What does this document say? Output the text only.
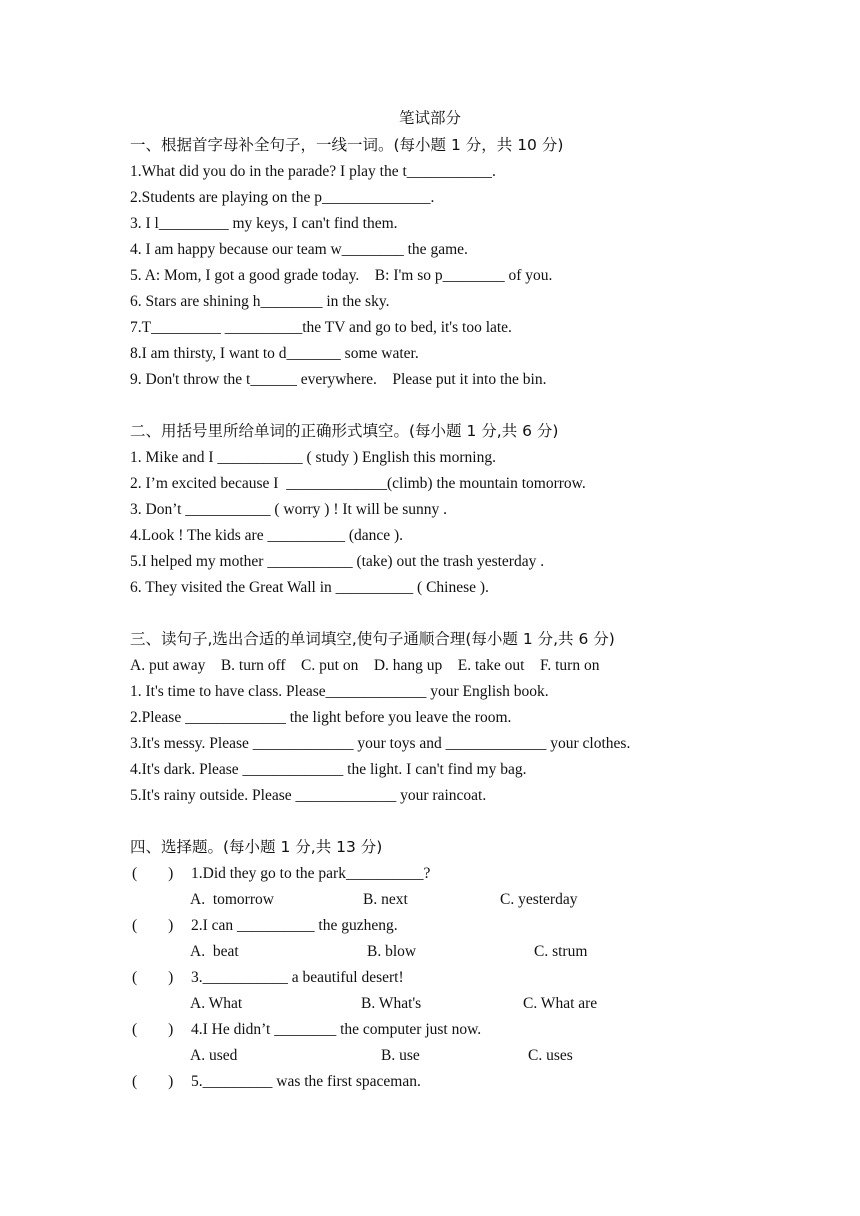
笔试部分
一、根据首字母补全句子，一线一词。(每小题 1 分，共 10 分)
1.What did you do in the parade? I play the t___________.
2.Students are playing on the p______________.
3. I l_________ my keys, I can't find them.
4. I am happy because our team w________ the game.
5. A: Mom, I got a good grade today.    B: I'm so p________ of you.
6. Stars are shining h________ in the sky.
7.T_________ __________the TV and go to bed, it's too late.
8.I am thirsty, I want to d_______ some water.
9. Don't throw the t______ everywhere.    Please put it into the bin.
二、用括号里所给单词的正确形式填空。(每小题 1 分,共 6 分)
1. Mike and I ___________ ( study ) English this morning.
2. I’m excited because I  _____________(climb) the mountain tomorrow.
3. Don’t ___________ ( worry ) ! It will be sunny .
4.Look ! The kids are __________ (dance ).
5.I helped my mother ___________ (take) out the trash yesterday .
6. They visited the Great Wall in __________ ( Chinese ).
三、读句子,选出合适的单词填空,使句子通顺合理(每小题 1 分,共 6 分)
A. put away    B. turn off    C. put on    D. hang up    E. take out    F. turn on
1. It's time to have class. Please_____________ your English book.
2.Please _____________ the light before you leave the room.
3.It's messy. Please _____________ your toys and _____________ your clothes.
4.It's dark. Please _____________ the light. I can't find my bag.
5.It's rainy outside. Please _____________ your raincoat.
四、选择题。(每小题 1 分,共 13 分)
(        ) 1.Did they go to the park__________?
A.  tomorrow	B. next	C. yesterday
(        ) 2.I can __________ the guzheng.
A.  beat	B. blow	C. strum
(        ) 3.___________ a beautiful desert!
A. What	B. What's	C. What are
(        ) 4.I He didn’t ________ the computer just now.
A. used	B. use	C. uses
(        ) 5._________ was the first spaceman.
